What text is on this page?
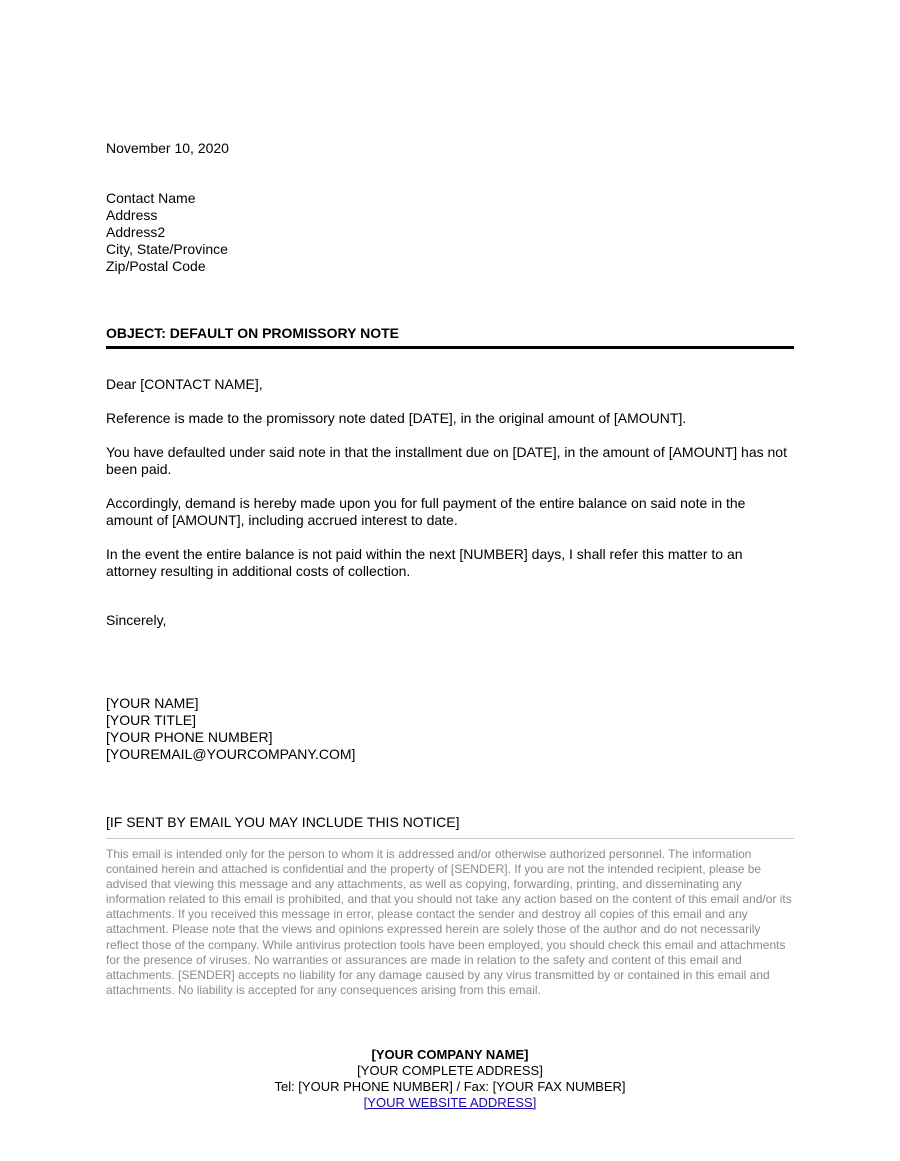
November 10, 2020
Contact Name
Address
Address2
City, State/Province
Zip/Postal Code
OBJECT: DEFAULT ON PROMISSORY NOTE

Dear [CONTACT NAME],

Reference is made to the promissory note dated [DATE], in the original amount of [AMOUNT].

You have defaulted under said note in that the installment due on [DATE], in the amount of [AMOUNT] has not been paid.

Accordingly, demand is hereby made upon you for full payment of the entire balance on said note in the amount of [AMOUNT], including accrued interest to date.

In the event the entire balance is not paid within the next [NUMBER] days, I shall refer this matter to an attorney resulting in additional costs of collection.

Sincerely,
[YOUR NAME]
[YOUR TITLE]
[YOUR PHONE NUMBER]
[YOUREMAIL@YOURCOMPANY.COM]
[IF SENT BY EMAIL YOU MAY INCLUDE THIS NOTICE]
This email is intended only for the person to whom it is addressed and/or otherwise authorized personnel. The information contained herein and attached is confidential and the property of [SENDER]. If you are not the intended recipient, please be advised that viewing this message and any attachments, as well as copying, forwarding, printing, and disseminating any information related to this email is prohibited, and that you should not take any action based on the content of this email and/or its attachments. If you received this message in error, please contact the sender and destroy all copies of this email and any attachment. Please note that the views and opinions expressed herein are solely those of the author and do not necessarily reflect those of the company. While antivirus protection tools have been employed, you should check this email and attachments for the presence of viruses. No warranties or assurances are made in relation to the safety and content of this email and attachments. [SENDER] accepts no liability for any damage caused by any virus transmitted by or contained in this email and attachments. No liability is accepted for any consequences arising from this email.
[YOUR COMPANY NAME]
[YOUR COMPLETE ADDRESS]
Tel: [YOUR PHONE NUMBER] / Fax: [YOUR FAX NUMBER]
[YOUR WEBSITE ADDRESS]
